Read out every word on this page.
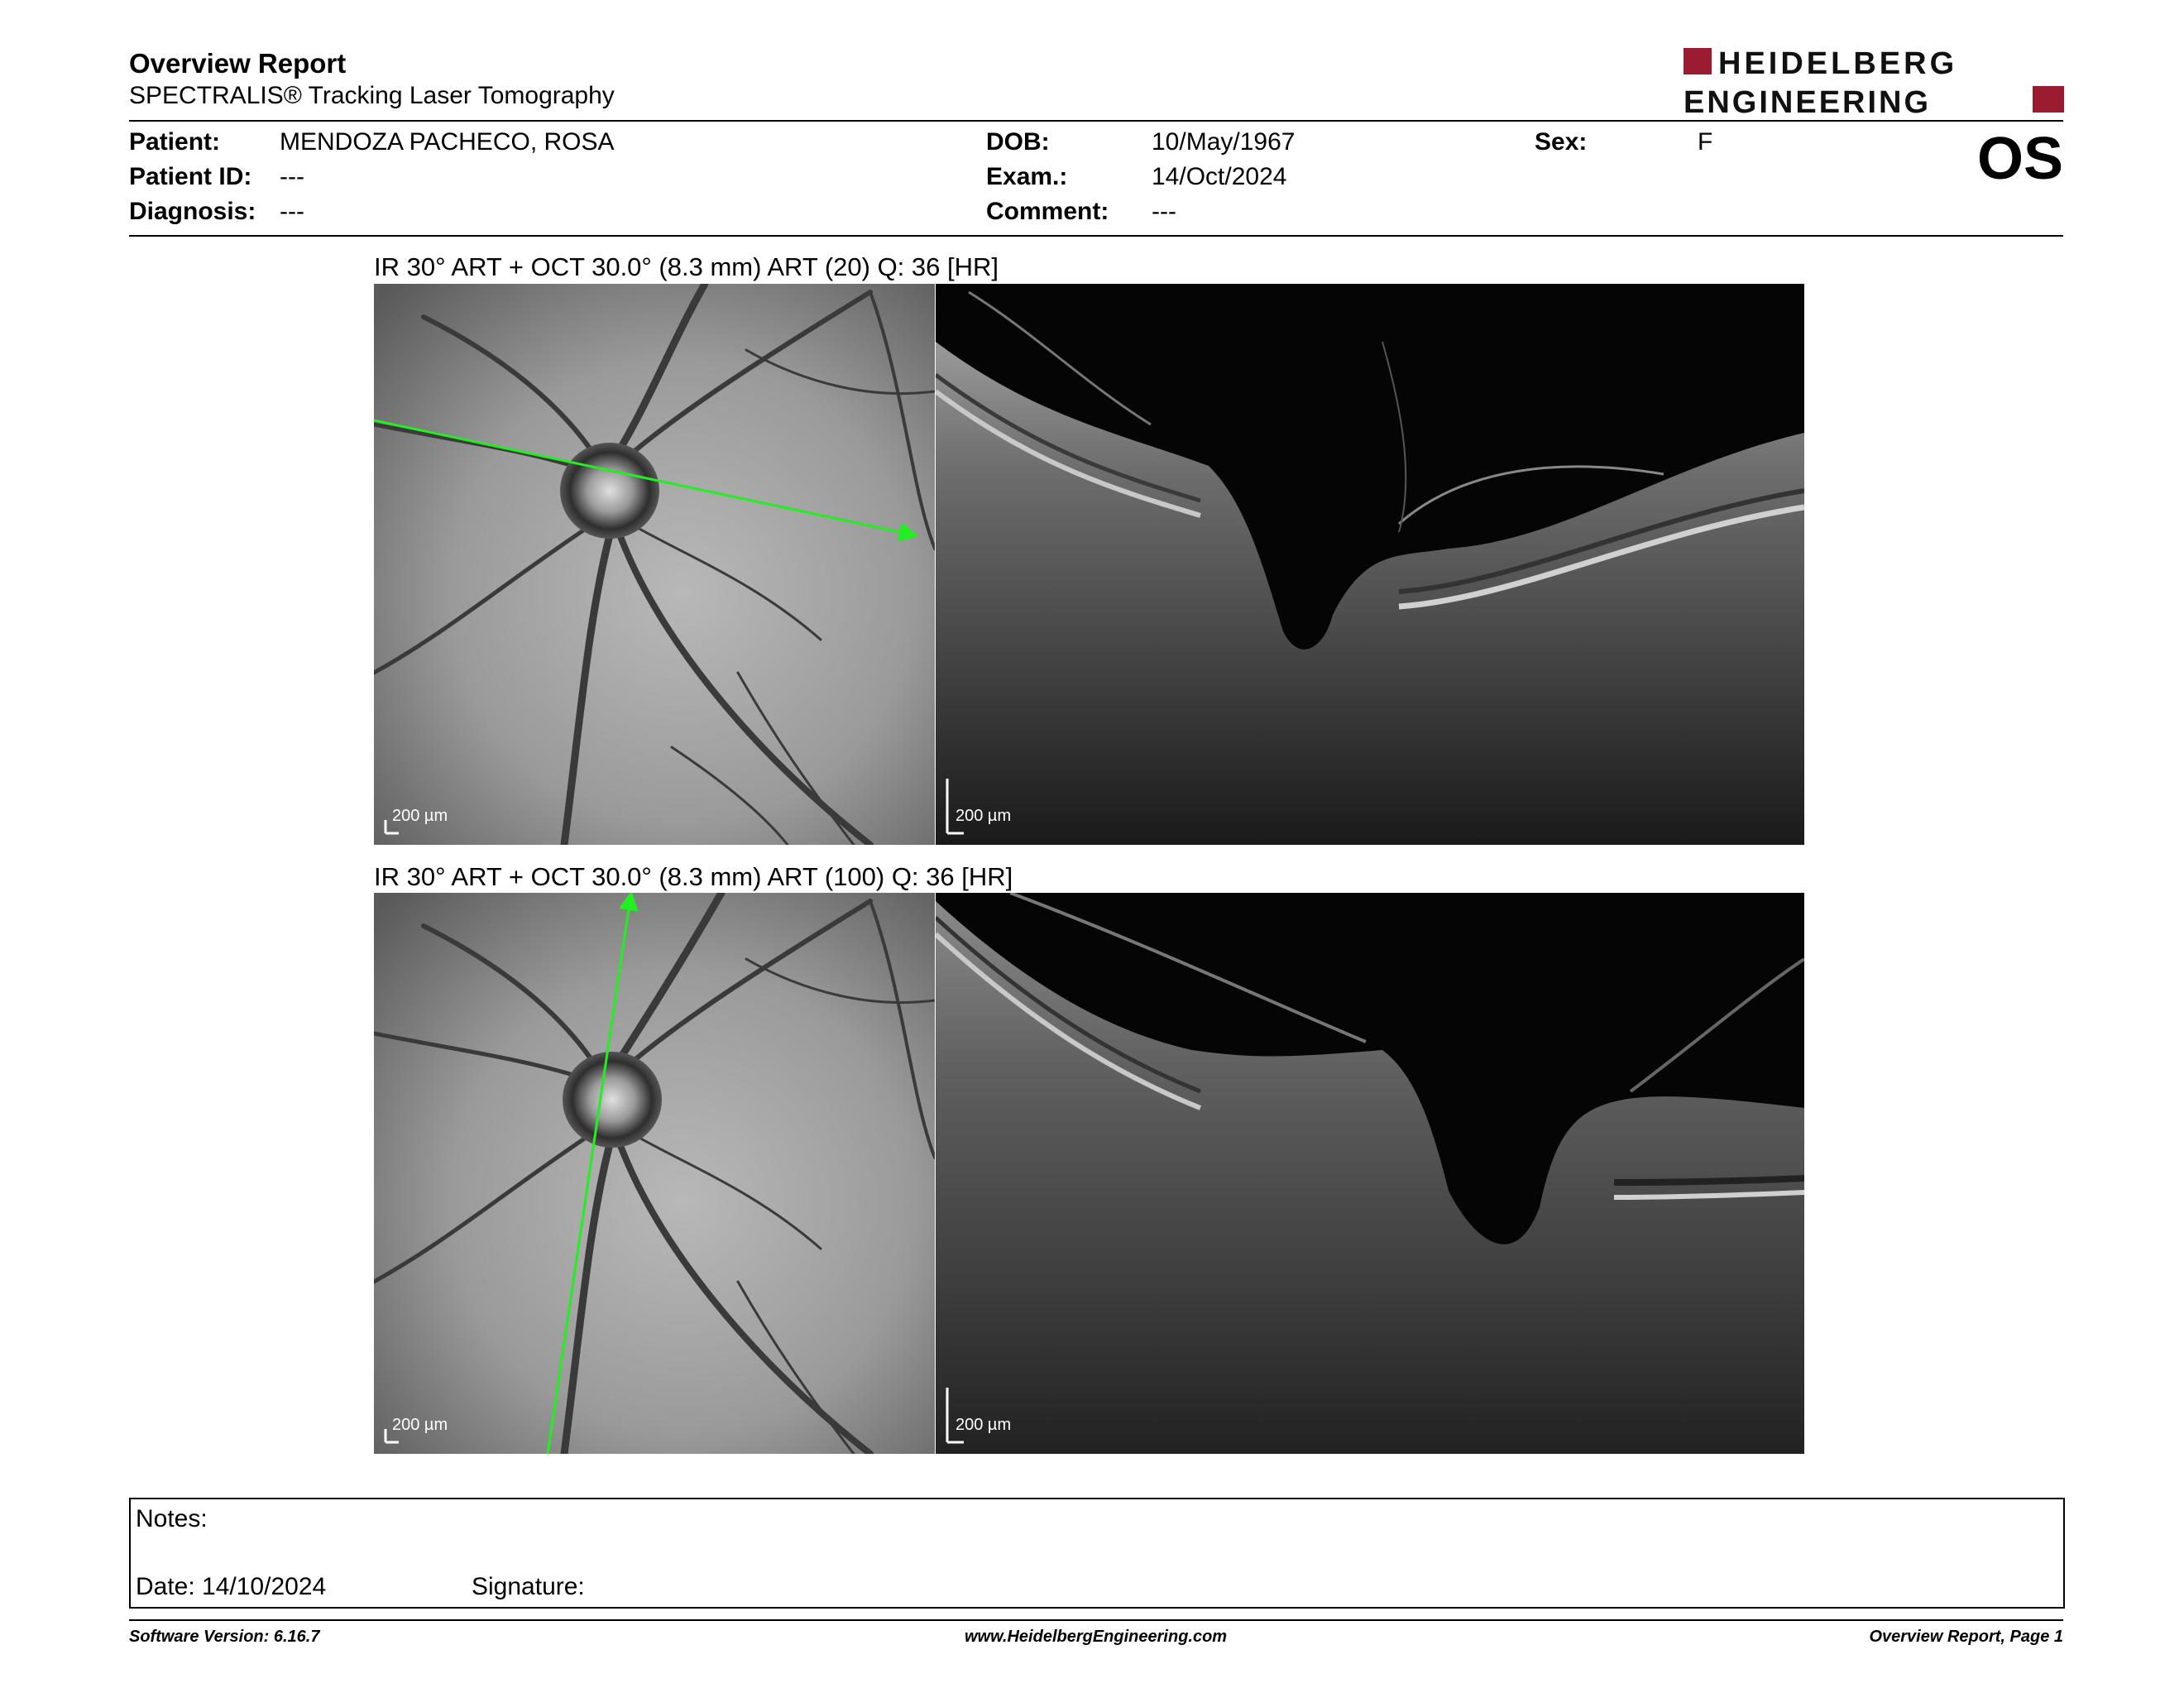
Overview Report
SPECTRALIS® Tracking Laser Tomography
HEIDELBERG
ENGINEERING
Patient: MENDOZA PACHECO, ROSA
Patient ID: ---
Diagnosis: ---
DOB:	10/May/1967
Exam.:	14/Oct/2024
Comment: ---
Sex:	F	OS
IR 30° ART + OCT 30.0° (8.3 mm) ART (20) Q: 36 [HR]
200 µm	200 µm
IR 30° ART + OCT 30.0° (8.3 mm) ART (100) Q: 36 [HR]
200 µm	200 µm
Notes:
Date: 14/10/2024	Signature:
Software Version: 6.16.7	www.HeidelbergEngineering.com	Overview Report, Page 1
